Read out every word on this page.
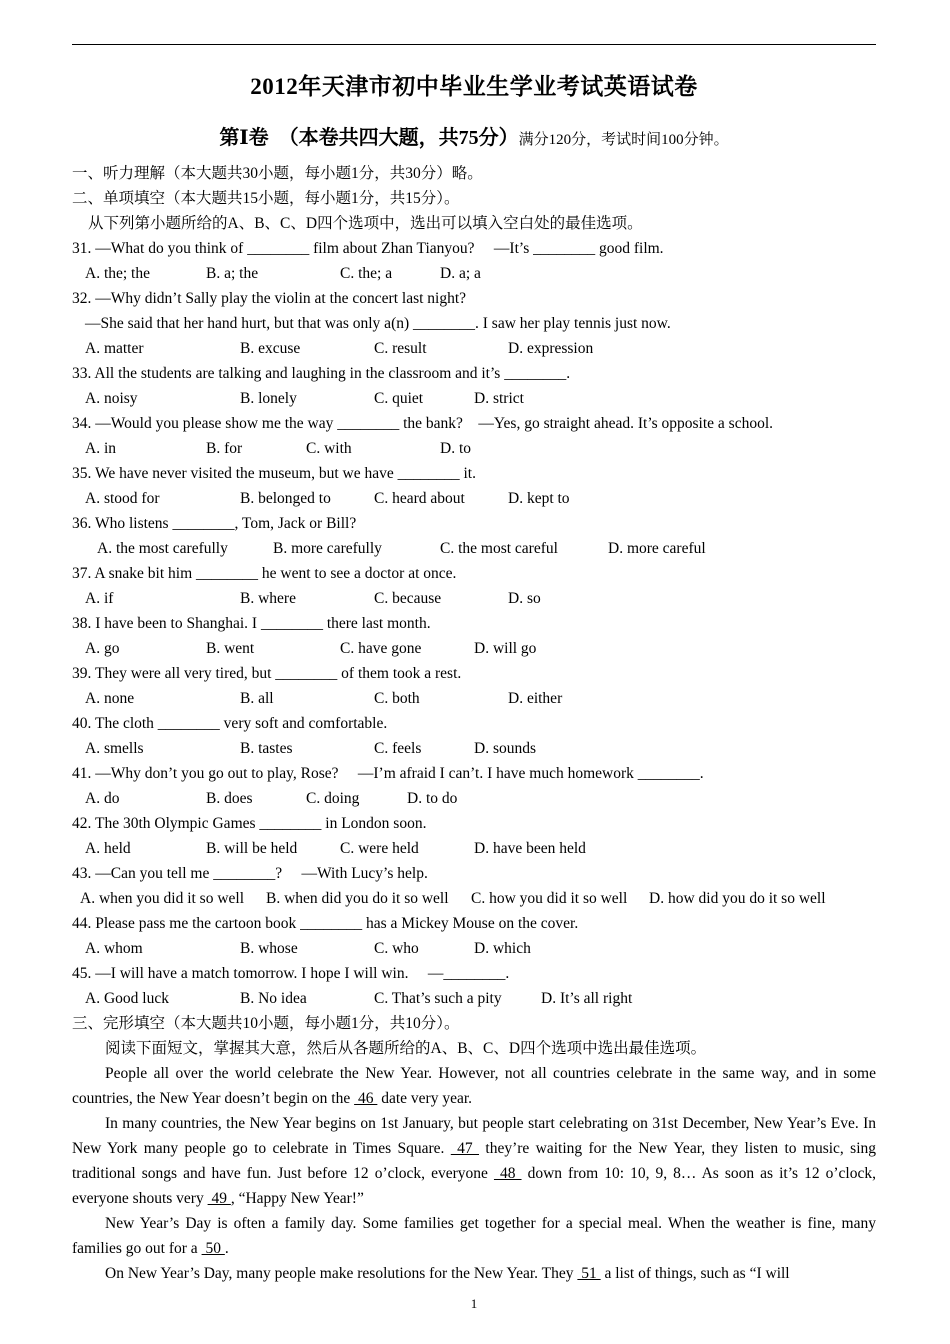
2012年天津市初中毕业生学业考试英语试卷
第Ⅰ卷　（本卷共四大题，共75分）满分120分，考试时间100分钟。
一、听力理解（本大题共30小题，每小题1分，共30分）略。
二、单项填空（本大题共15小题，每小题1分，共15分）。
从下列第小题所给的A、B、C、D四个选项中，选出可以填入空白处的最佳选项。
31. —What do you think of ________ film about Zhan Tianyou?　 —It’s ________ good film.
A. the; the	B. a; the	C. the; a	D. a; a
32. —Why didn’t Sally play the violin at the concert last night?
—She said that her hand hurt, but that was only a(n) ________. I saw her play tennis just now.
A. matter	B. excuse	C. result	D. expression
33. All the students are talking and laughing in the classroom and it’s ________.
A. noisy	B. lonely	C. quiet	D. strict
34. —Would you please show me the way ________ the bank?　—Yes, go straight ahead. It’s opposite a school.
A. in	B. for	C. with	D. to
35. We have never visited the museum, but we have ________ it.
A. stood for	B. belonged to	C. heard about	D. kept to
36. Who listens ________, Tom, Jack or Bill?
A. the most carefully	B. more carefully	C. the most careful	D. more careful
37. A snake bit him ________ he went to see a doctor at once.
A. if	B. where	C. because	D. so
38. I have been to Shanghai. I ________ there last month.
A. go	B. went	C. have gone	D. will go
39. They were all very tired, but ________ of them took a rest.
A. none	B. all	C. both	D. either
40. The cloth ________ very soft and comfortable.
A. smells	B. tastes	C. feels	D. sounds
41. —Why don’t you go out to play, Rose?　 —I’m afraid I can’t. I have much homework ________.
A. do	B. does	C. doing	D. to do
42. The 30th Olympic Games ________ in London soon.
A. held	B. will be held	C. were held	D. have been held
43. —Can you tell me ________?　 —With Lucy’s help.
A. when you did it so well B. when did you do it so well C. how you did it so well D. how did you do it so well
44. Please pass me the cartoon book ________ has a Mickey Mouse on the cover.
A. whom	B. whose	C. who	D. which
45. —I will have a match tomorrow. I hope I will win.　 —________.
A. Good luck	B. No idea	C. That’s such a pity	D. It’s all right
三、完形填空（本大题共10小题，每小题1分，共10分）。
阅读下面短文，掌握其大意，然后从各题所给的A、B、C、D四个选项中选出最佳选项。
People all over the world celebrate the New Year. However, not all countries celebrate in the same way, and in some countries, the New Year doesn’t begin on the  46  date very year.
In many countries, the New Year begins on 1st January, but people start celebrating on 31st December, New Year’s Eve. In New York many people go to celebrate in Times Square.  47  they’re waiting for the New Year, they listen to music, sing traditional songs and have fun. Just before 12 o’clock, everyone  48  down from 10: 10, 9, 8… As soon as it’s 12 o’clock, everyone shouts very  49 , “Happy New Year!”
New Year’s Day is often a family day. Some families get together for a special meal. When the weather is fine, many families go out for a  50 .
On New Year’s Day, many people make resolutions for the New Year. They  51  a list of things, such as “I will
1
